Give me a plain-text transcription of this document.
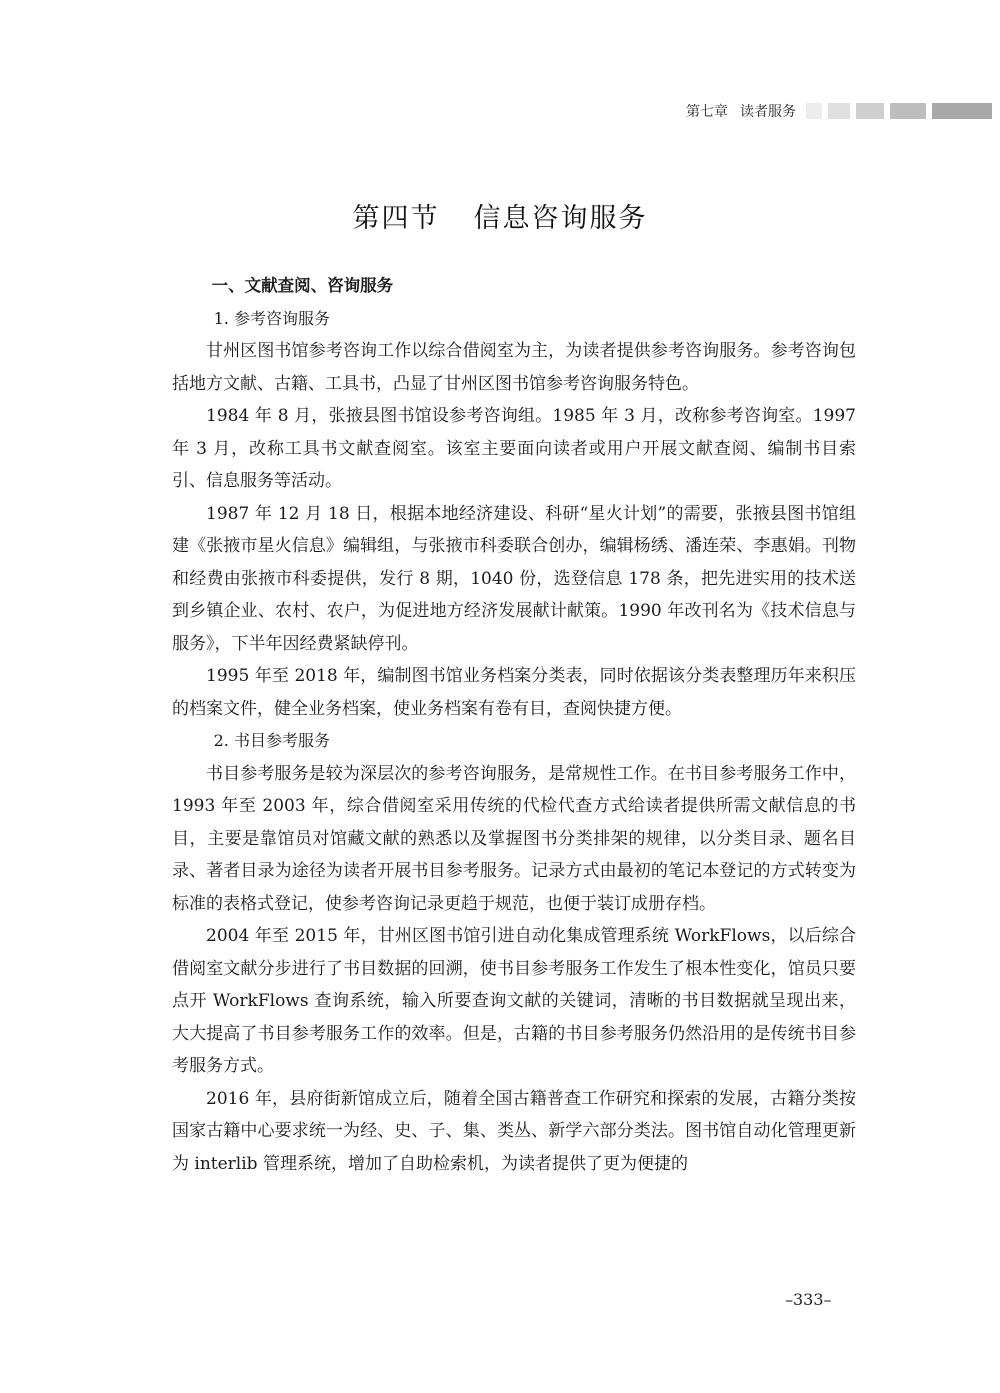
第七章 读者服务
第四节 信息咨询服务

一、文献查阅、咨询服务

1. 参考咨询服务

甘州区图书馆参考咨询工作以综合借阅室为主，为读者提供参考咨询服务。参考咨询包括地方文献、古籍、工具书，凸显了甘州区图书馆参考咨询服务特色。

1984 年 8 月，张掖县图书馆设参考咨询组。1985 年 3 月，改称参考咨询室。1997 年 3 月，改称工具书文献查阅室。该室主要面向读者或用户开展文献查阅、编制书目索引、信息服务等活动。

1987 年 12 月 18 日，根据本地经济建设、科研“星火计划”的需要，张掖县图书馆组建《张掖市星火信息》编辑组，与张掖市科委联合创办，编辑杨绣、潘连荣、李惠娟。刊物和经费由张掖市科委提供，发行 8 期，1040 份，选登信息 178 条，把先进实用的技术送到乡镇企业、农村、农户，为促进地方经济发展献计献策。1990 年改刊名为《技术信息与服务》，下半年因经费紧缺停刊。

1995 年至 2018 年，编制图书馆业务档案分类表，同时依据该分类表整理历年来积压的档案文件，健全业务档案，使业务档案有卷有目，查阅快捷方便。

2. 书目参考服务

书目参考服务是较为深层次的参考咨询服务，是常规性工作。在书目参考服务工作中，1993 年至 2003 年，综合借阅室采用传统的代检代查方式给读者提供所需文献信息的书目，主要是靠馆员对馆藏文献的熟悉以及掌握图书分类排架的规律，以分类目录、题名目录、著者目录为途径为读者开展书目参考服务。记录方式由最初的笔记本登记的方式转变为标准的表格式登记，使参考咨询记录更趋于规范，也便于装订成册存档。

2004 年至 2015 年，甘州区图书馆引进自动化集成管理系统 WorkFlows，以后综合借阅室文献分步进行了书目数据的回溯，使书目参考服务工作发生了根本性变化，馆员只要点开 WorkFlows 查询系统，输入所要查询文献的关键词，清晰的书目数据就呈现出来，大大提高了书目参考服务工作的效率。但是，古籍的书目参考服务仍然沿用的是传统书目参考服务方式。

2016 年，县府街新馆成立后，随着全国古籍普查工作研究和探索的发展，古籍分类按国家古籍中心要求统一为经、史、子、集、类丛、新学六部分类法。图书馆自动化管理更新为 interlib 管理系统，增加了自助检索机，为读者提供了更为便捷的

–333–
